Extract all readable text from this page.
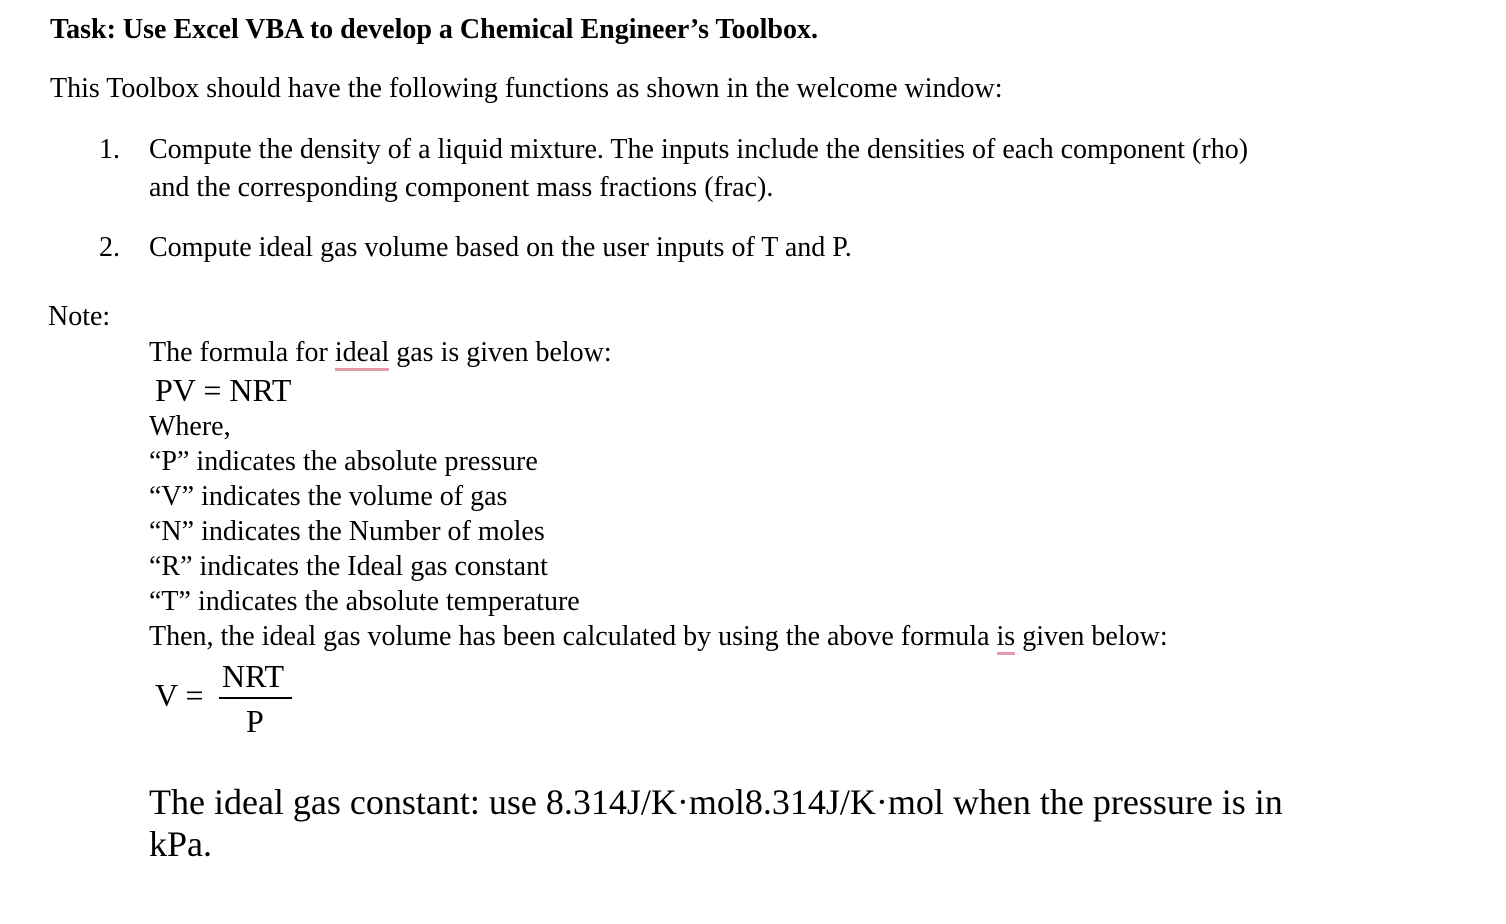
Task: Use Excel VBA to develop a Chemical Engineer’s Toolbox.
This Toolbox should have the following functions as shown in the welcome window:
1. Compute the density of a liquid mixture. The inputs include the densities of each component (rho)
and the corresponding component mass fractions (frac).
2. Compute ideal gas volume based on the user inputs of T and P.
Note:
The formula for ideal gas is given below:
PV = NRT
Where,
“P” indicates the absolute pressure
“V” indicates the volume of gas
“N” indicates the Number of moles
“R” indicates the Ideal gas constant
“T” indicates the absolute temperature
Then, the ideal gas volume has been calculated by using the above formula is given below:
V =
NRT
P
The ideal gas constant: use 8.314J/K·mol8.314J/K·mol when the pressure is in
kPa.
